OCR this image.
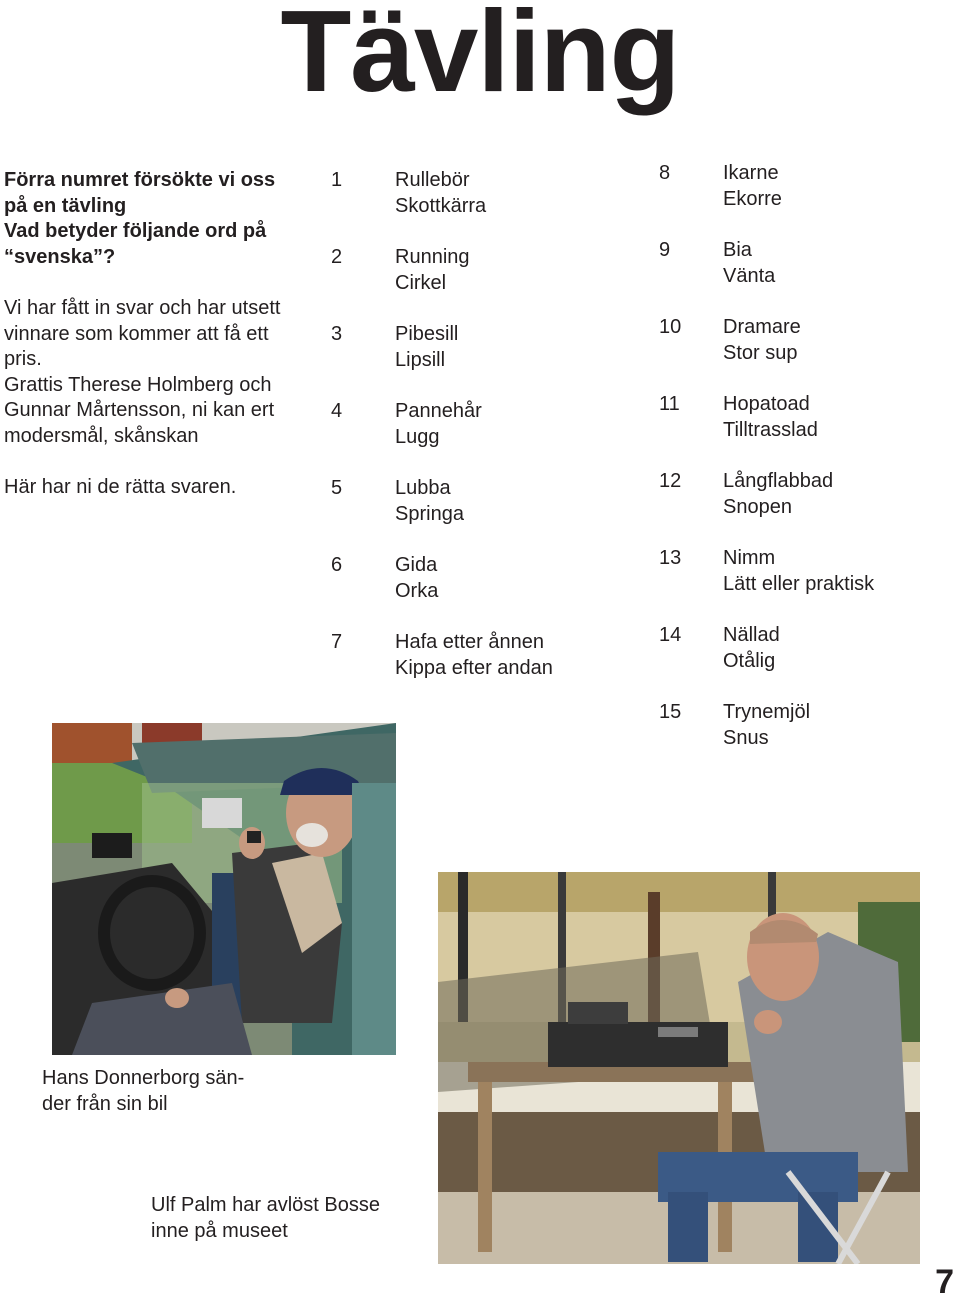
Tävling

Förra numret försökte vi oss
på en tävling
Vad betyder följande ord på
“svenska”?

Vi har fått in svar och har utsett
vinnare som kommer att få ett
pris.
Grattis Therese Holmberg och
Gunnar Mårtensson, ni kan ert
modersmål, skånskan

Här har ni de rätta svaren.

1	Rullebör
Skottkärra
2	Running
Cirkel
3	Pibesill
Lipsill
4	Pannehår
Lugg
5	Lubba
Springa
6	Gida
Orka
7	Hafa etter ånnen
Kippa efter andan
8	Ikarne
Ekorre
9	Bia
Vänta
10	Dramare
Stor sup
11	Hopatoad
Tilltrasslad
12	Långflabbad
Snopen
13	Nimm
Lätt eller praktisk
14	Nällad
Otålig
15	Trynemjöl
Snus
Hans Donnerborg sän-
der från sin bil
Ulf Palm har avlöst Bosse
inne på museet
7
